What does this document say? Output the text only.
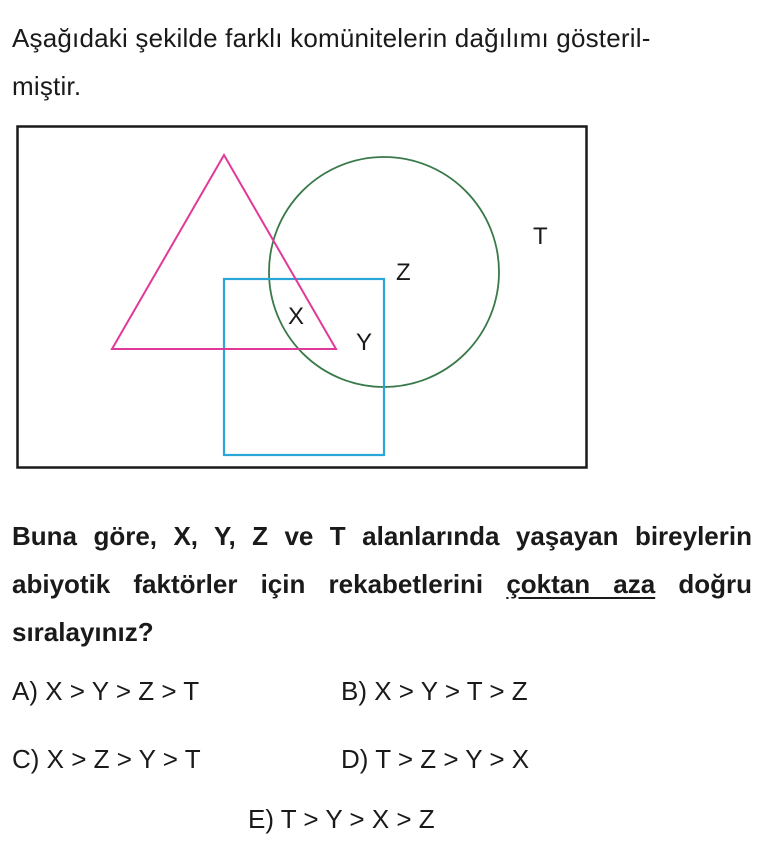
Aşağıdaki şekilde farklı komünitelerin dağılımı gösteril-
miştir.
T
Z
X
Y
Buna göre, X, Y, Z ve T alanlarında yaşayan bireylerin abiyotik faktörler için rekabetlerini çoktan aza doğru sıralayınız?
A) X > Y > Z > T	B) X > Y > T > Z
C) X > Z > Y > T	D) T > Z > Y > X
E) T > Y > X > Z
